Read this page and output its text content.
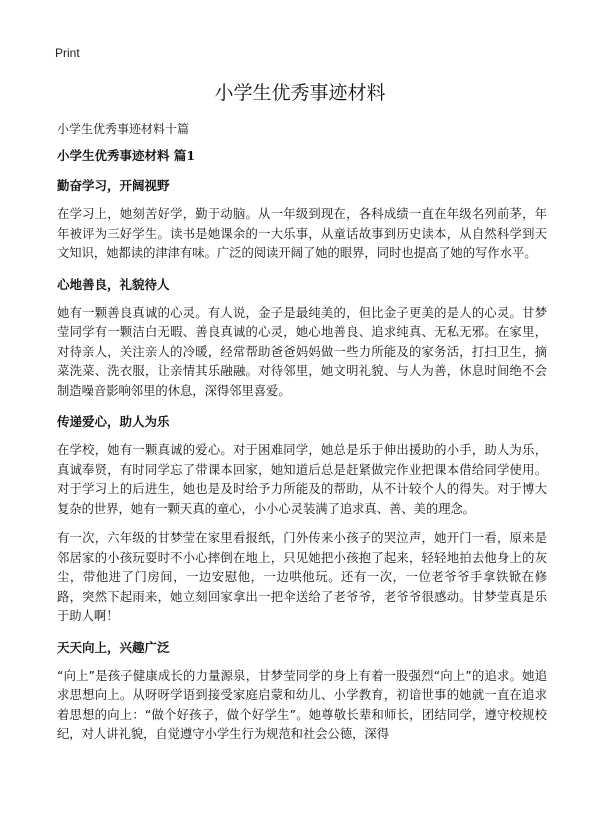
Print
小学生优秀事迹材料
小学生优秀事迹材料十篇
小学生优秀事迹材料 篇1
勤奋学习，开阔视野

在学习上，她刻苦好学，勤于动脑。从一年级到现在，各科成绩一直在年级名列前茅，年年被评为三好学生。读书是她课余的一大乐事，从童话故事到历史读本，从自然科学到天文知识，她都读的津津有味。广泛的阅读开阔了她的眼界，同时也提高了她的写作水平。

心地善良，礼貌待人

她有一颗善良真诚的心灵。有人说，金子是最纯美的，但比金子更美的是人的心灵。甘梦莹同学有一颗洁白无暇、善良真诚的心灵，她心地善良、追求纯真、无私无邪。在家里，对待亲人，关注亲人的冷暖，经常帮助爸爸妈妈做一些力所能及的家务活，打扫卫生，摘菜洗菜、洗衣服，让亲情其乐融融。对待邻里，她文明礼貌、与人为善，休息时间绝不会制造噪音影响邻里的休息，深得邻里喜爱。

传递爱心，助人为乐

在学校，她有一颗真诚的爱心。对于困难同学，她总是乐于伸出援助的小手，助人为乐，真诚奉贤，有时同学忘了带课本回家，她知道后总是赶紧做完作业把课本借给同学使用。对于学习上的后进生，她也是及时给予力所能及的帮助，从不计较个人的得失。对于博大复杂的世界，她有一颗天真的童心，小小心灵装满了追求真、善、美的理念。

有一次，六年级的甘梦莹在家里看报纸，门外传来小孩子的哭泣声，她开门一看，原来是邻居家的小孩玩耍时不小心摔倒在地上，只见她把小孩抱了起来，轻轻地拍去他身上的灰尘，带他进了门房间，一边安慰他，一边哄他玩。还有一次，一位老爷爷手拿铁锨在修路，突然下起雨来，她立刻回家拿出一把伞送给了老爷爷，老爷爷很感动。甘梦莹真是乐于助人啊！

天天向上，兴趣广泛

“向上”是孩子健康成长的力量源泉，甘梦莹同学的身上有着一股强烈“向上”的追求。她追求思想向上。从呀呀学语到接受家庭启蒙和幼儿、小学教育，初谙世事的她就一直在追求着思想的向上：“做个好孩子，做个好学生”。她尊敬长辈和师长，团结同学，遵守校规校纪，对人讲礼貌，自觉遵守小学生行为规范和社会公德，深得
